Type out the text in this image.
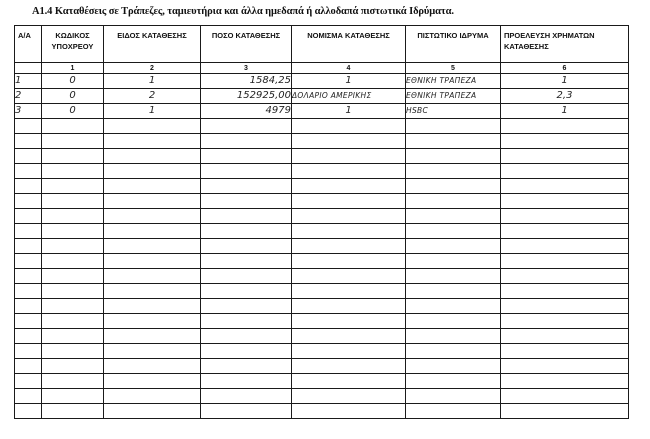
A1.4 Καταθέσεις σε Τράπεζες, ταμιευτήρια και άλλα ημεδαπά ή αλλοδαπά πιστωτικά Ιδρύματα.
Α/Α	ΚΩΔΙΚΟΣ ΥΠΟΧΡΕΟΥ	ΕΙΔΟΣ ΚΑΤΑΘΕΣΗΣ	ΠΟΣΟ ΚΑΤΑΘΕΣΗΣ	ΝΟΜΙΣΜΑ ΚΑΤΑΘΕΣΗΣ	ΠΙΣΤΩΤΙΚΟ ΙΔΡΥΜΑ	ΠΡΟΕΛΕΥΣΗ ΧΡΗΜΑΤΩΝ ΚΑΤΑΘΕΣΗΣ
	1	2	3	4	5	6

1	0	1	1584,25	1	ΕΘΝΙΚΗ ΤΡΑΠΕΖΑ	1

2	0	2	152925,00	ΔΟΛΑΡΙΟ ΑΜΕΡΙΚΗΣ	ΕΘΝΙΚΗ ΤΡΑΠΕΖΑ	2,3

3	0	1	4979	1	HSBC	1
